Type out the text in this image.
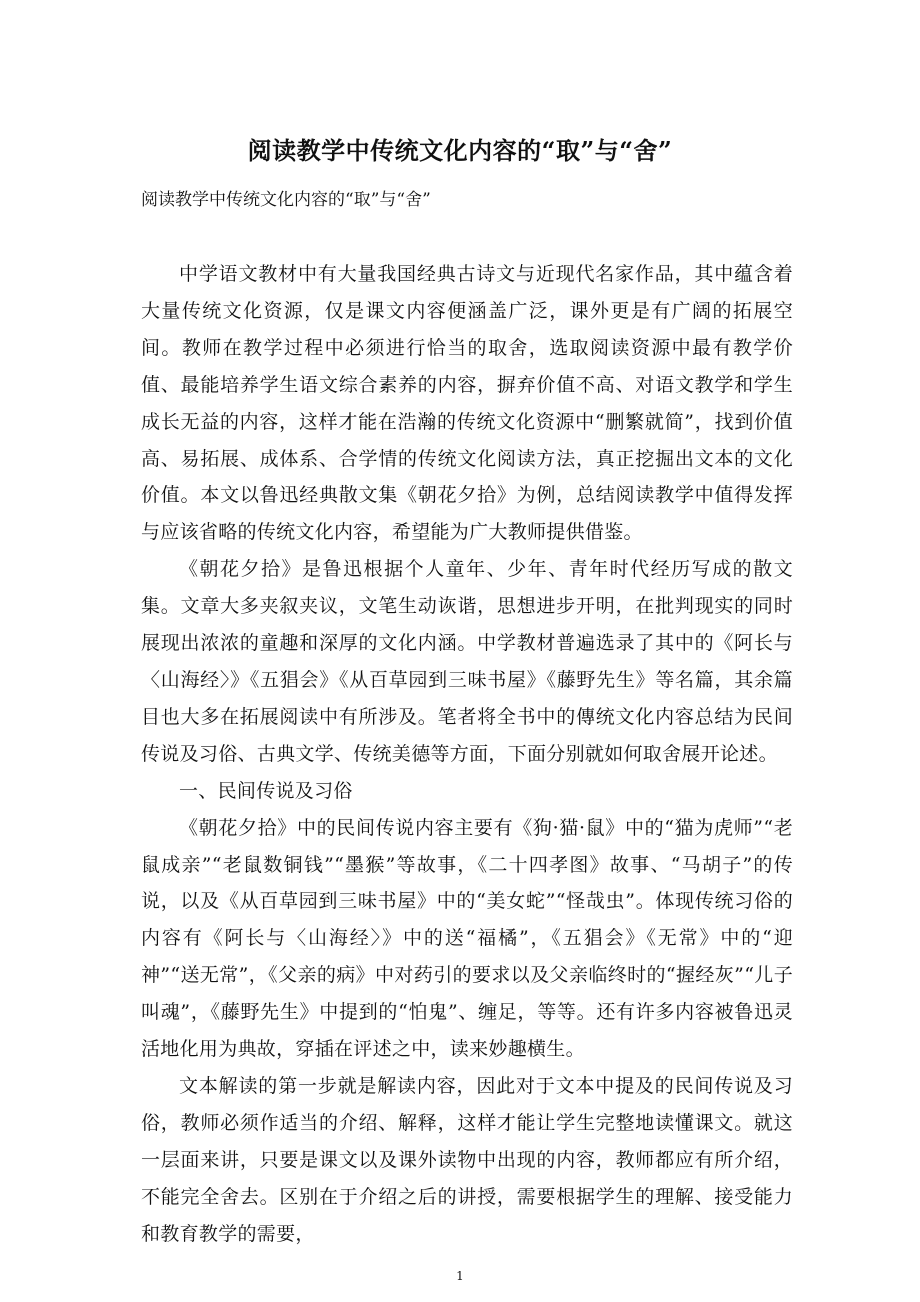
阅读教学中传统文化内容的“取”与“舍”
阅读教学中传统文化内容的“取”与“舍”

中学语文教材中有大量我国经典古诗文与近现代名家作品，其中蕴含着大量传统文化资源，仅是课文内容便涵盖广泛，课外更是有广阔的拓展空间。教师在教学过程中必须进行恰当的取舍，选取阅读资源中最有教学价值、最能培养学生语文综合素养的内容，摒弃价值不高、对语文教学和学生成长无益的内容，这样才能在浩瀚的传统文化资源中“删繁就简”，找到价值高、易拓展、成体系、合学情的传统文化阅读方法，真正挖掘出文本的文化价值。本文以鲁迅经典散文集《朝花夕拾》为例，总结阅读教学中值得发挥与应该省略的传统文化内容，希望能为广大教师提供借鉴。

《朝花夕拾》是鲁迅根据个人童年、少年、青年时代经历写成的散文集。文章大多夹叙夹议，文笔生动诙谐，思想进步开明，在批判现实的同时展现出浓浓的童趣和深厚的文化内涵。中学教材普遍选录了其中的《阿长与〈山海经〉》《五猖会》《从百草园到三味书屋》《藤野先生》等名篇，其余篇目也大多在拓展阅读中有所涉及。笔者将全书中的傳统文化内容总结为民间传说及习俗、古典文学、传统美德等方面，下面分别就如何取舍展开论述。

一、民间传说及习俗

《朝花夕拾》中的民间传说内容主要有《狗·猫·鼠》中的“猫为虎师”“老鼠成亲”“老鼠数铜钱”“墨猴”等故事，《二十四孝图》故事、“马胡子”的传说，以及《从百草园到三味书屋》中的“美女蛇”“怪哉虫”。体现传统习俗的内容有《阿长与〈山海经〉》中的送“福橘”，《五猖会》《无常》中的“迎神”“送无常”，《父亲的病》中对药引的要求以及父亲临终时的“握经灰”“儿子叫魂”，《藤野先生》中提到的“怕鬼”、缠足，等等。还有许多内容被鲁迅灵活地化用为典故，穿插在评述之中，读来妙趣横生。

文本解读的第一步就是解读内容，因此对于文本中提及的民间传说及习俗，教师必须作适当的介绍、解释，这样才能让学生完整地读懂课文。就这一层面来讲，只要是课文以及课外读物中出现的内容，教师都应有所介绍，不能完全舍去。区别在于介绍之后的讲授，需要根据学生的理解、接受能力和教育教学的需要，

1
